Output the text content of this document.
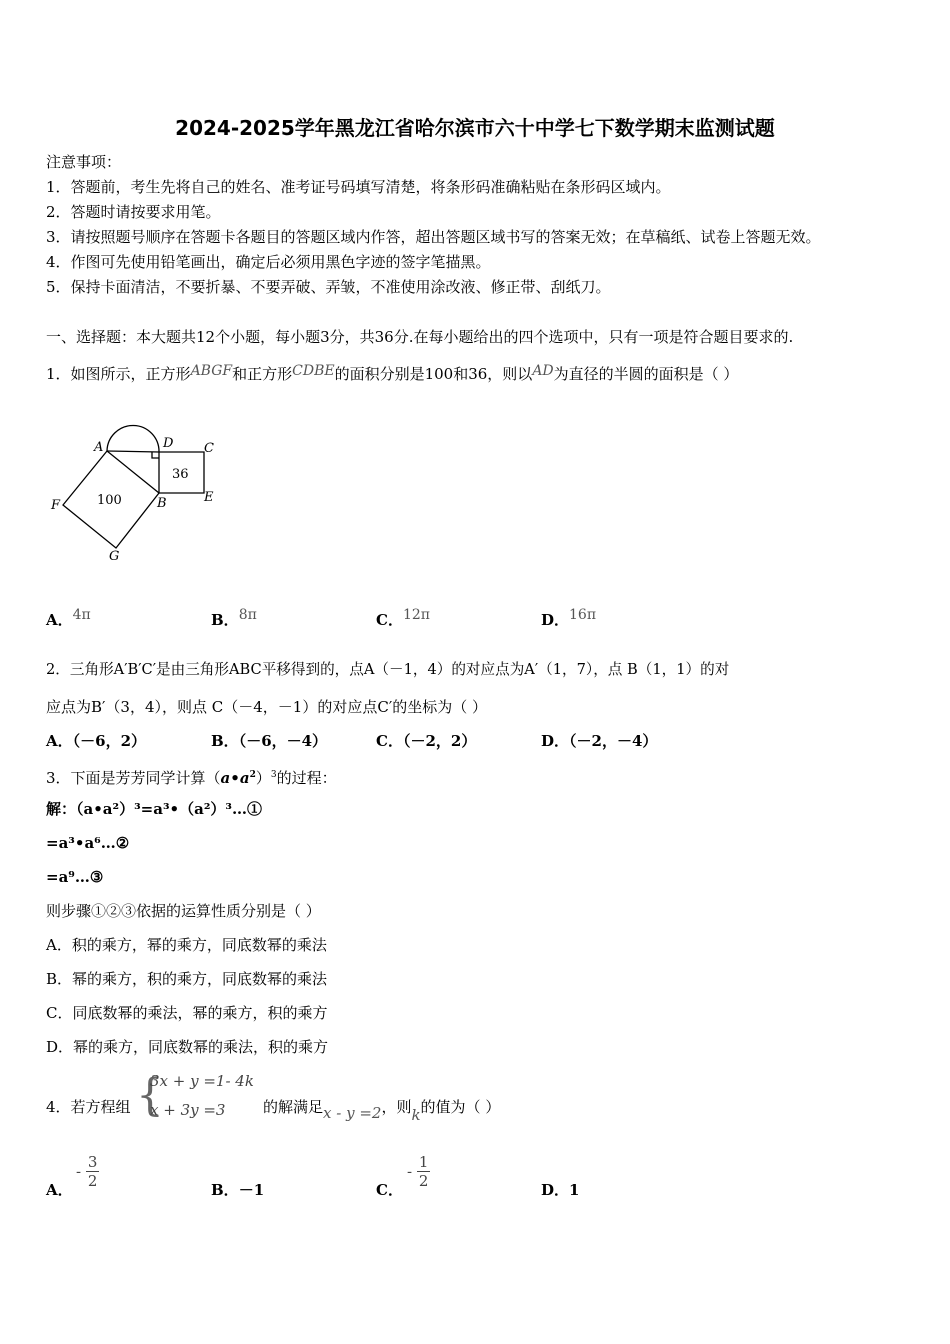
2024-2025学年黑龙江省哈尔滨市六十中学七下数学期末监测试题
注意事项：
1．答题前，考生先将自己的姓名、准考证号码填写清楚，将条形码准确粘贴在条形码区域内。
2．答题时请按要求用笔。
3．请按照题号顺序在答题卡各题目的答题区域内作答，超出答题区域书写的答案无效；在草稿纸、试卷上答题无效。
4．作图可先使用铅笔画出，确定后必须用黑色字迹的签字笔描黑。
5．保持卡面清洁，不要折暴、不要弄破、弄皱，不准使用涂改液、修正带、刮纸刀。
一、选择题：本大题共12个小题，每小题3分，共36分.在每小题给出的四个选项中，只有一项是符合题目要求的.
1．如图所示，正方形ABGF和正方形CDBE的面积分别是100和36，则以AD为直径的半圆的面积是（ ）
A	D C
E
F	B
G
36
100
A．4π	B．8π	C．12π	D．16π
2．三角形A′B′C′是由三角形ABC平移得到的，点A（－1，4）的对应点为A′（1，7），点 B（1，1）的对
应点为B′（3，4），则点 C（－4，－1）的对应点C′的坐标为（ ）
A．（－6，2）	B．（－6，－4）	C．（－2，2）	D．（－2，－4）
3．下面是芳芳同学计算$(a•a^2)^3$的过程：
解：（a•a²）³=a³•（a²）³…①
=a³•a⁶…②
=a⁹…③
则步骤①②③依据的运算性质分别是（ ）
A．积的乘方，幂的乘方，同底数幂的乘法
B．幂的乘方，积的乘方，同底数幂的乘法
C．同底数幂的乘法，幂的乘方，积的乘方
D．幂的乘方，同底数幂的乘法，积的乘方
4．若方程组 {
3x + y =1- 4k
x + 3y =3	的解满足x - y =2，则k的值为（ ）
A．
- $\frac{3}{2}$	B．－1	C．
- $\frac{1}{2}$	D．1
